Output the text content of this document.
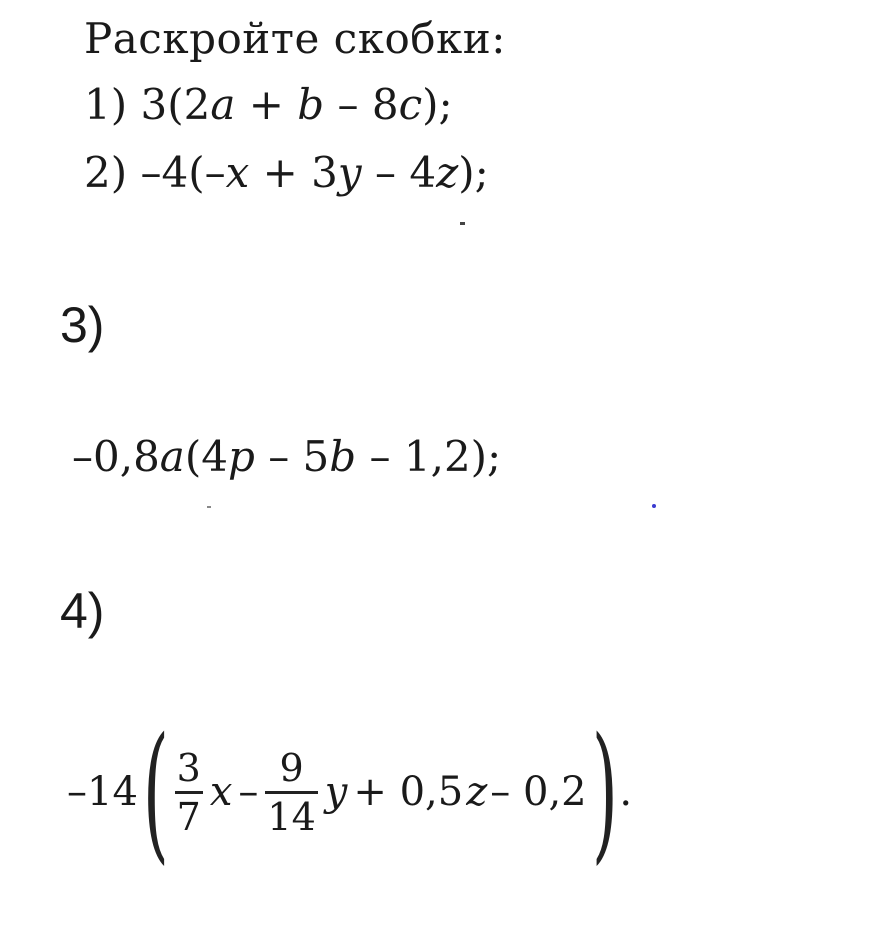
Раскройте скобки:
1) 3(2a + b – 8c);
2) –4(–x + 3y – 4z);
3)
–0,8a(4p – 5b – 1,2);
4)
–14 ( $\frac{3}{7}$ x – $\frac{9}{14}$ y + 0,5 z – 0,2 ) .
